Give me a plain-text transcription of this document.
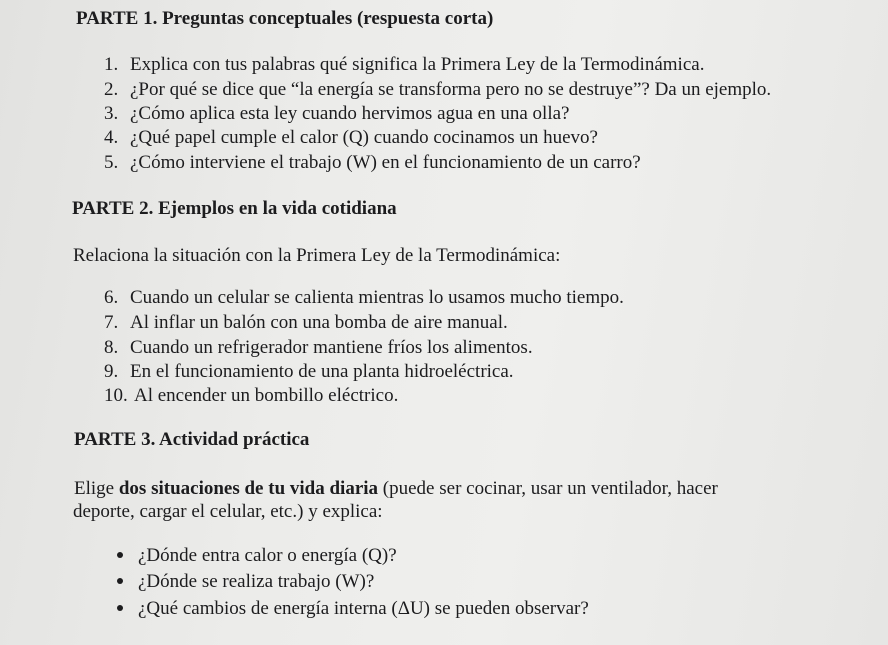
PARTE 1. Preguntas conceptuales (respuesta corta)
1. Explica con tus palabras qué significa la Primera Ley de la Termodinámica.
2. ¿Por qué se dice que “la energía se transforma pero no se destruye”? Da un ejemplo.
3. ¿Cómo aplica esta ley cuando hervimos agua en una olla?
4. ¿Qué papel cumple el calor (Q) cuando cocinamos un huevo?
5. ¿Cómo interviene el trabajo (W) en el funcionamiento de un carro?
PARTE 2. Ejemplos en la vida cotidiana
Relaciona la situación con la Primera Ley de la Termodinámica:
6. Cuando un celular se calienta mientras lo usamos mucho tiempo.
7. Al inflar un balón con una bomba de aire manual.
8. Cuando un refrigerador mantiene fríos los alimentos.
9. En el funcionamiento de una planta hidroeléctrica.
10. Al encender un bombillo eléctrico.
PARTE 3. Actividad práctica
Elige dos situaciones de tu vida diaria (puede ser cocinar, usar un ventilador, hacer
deporte, cargar el celular, etc.) y explica:
¿Dónde entra calor o energía (Q)?
¿Dónde se realiza trabajo (W)?
¿Qué cambios de energía interna (ΔU) se pueden observar?
